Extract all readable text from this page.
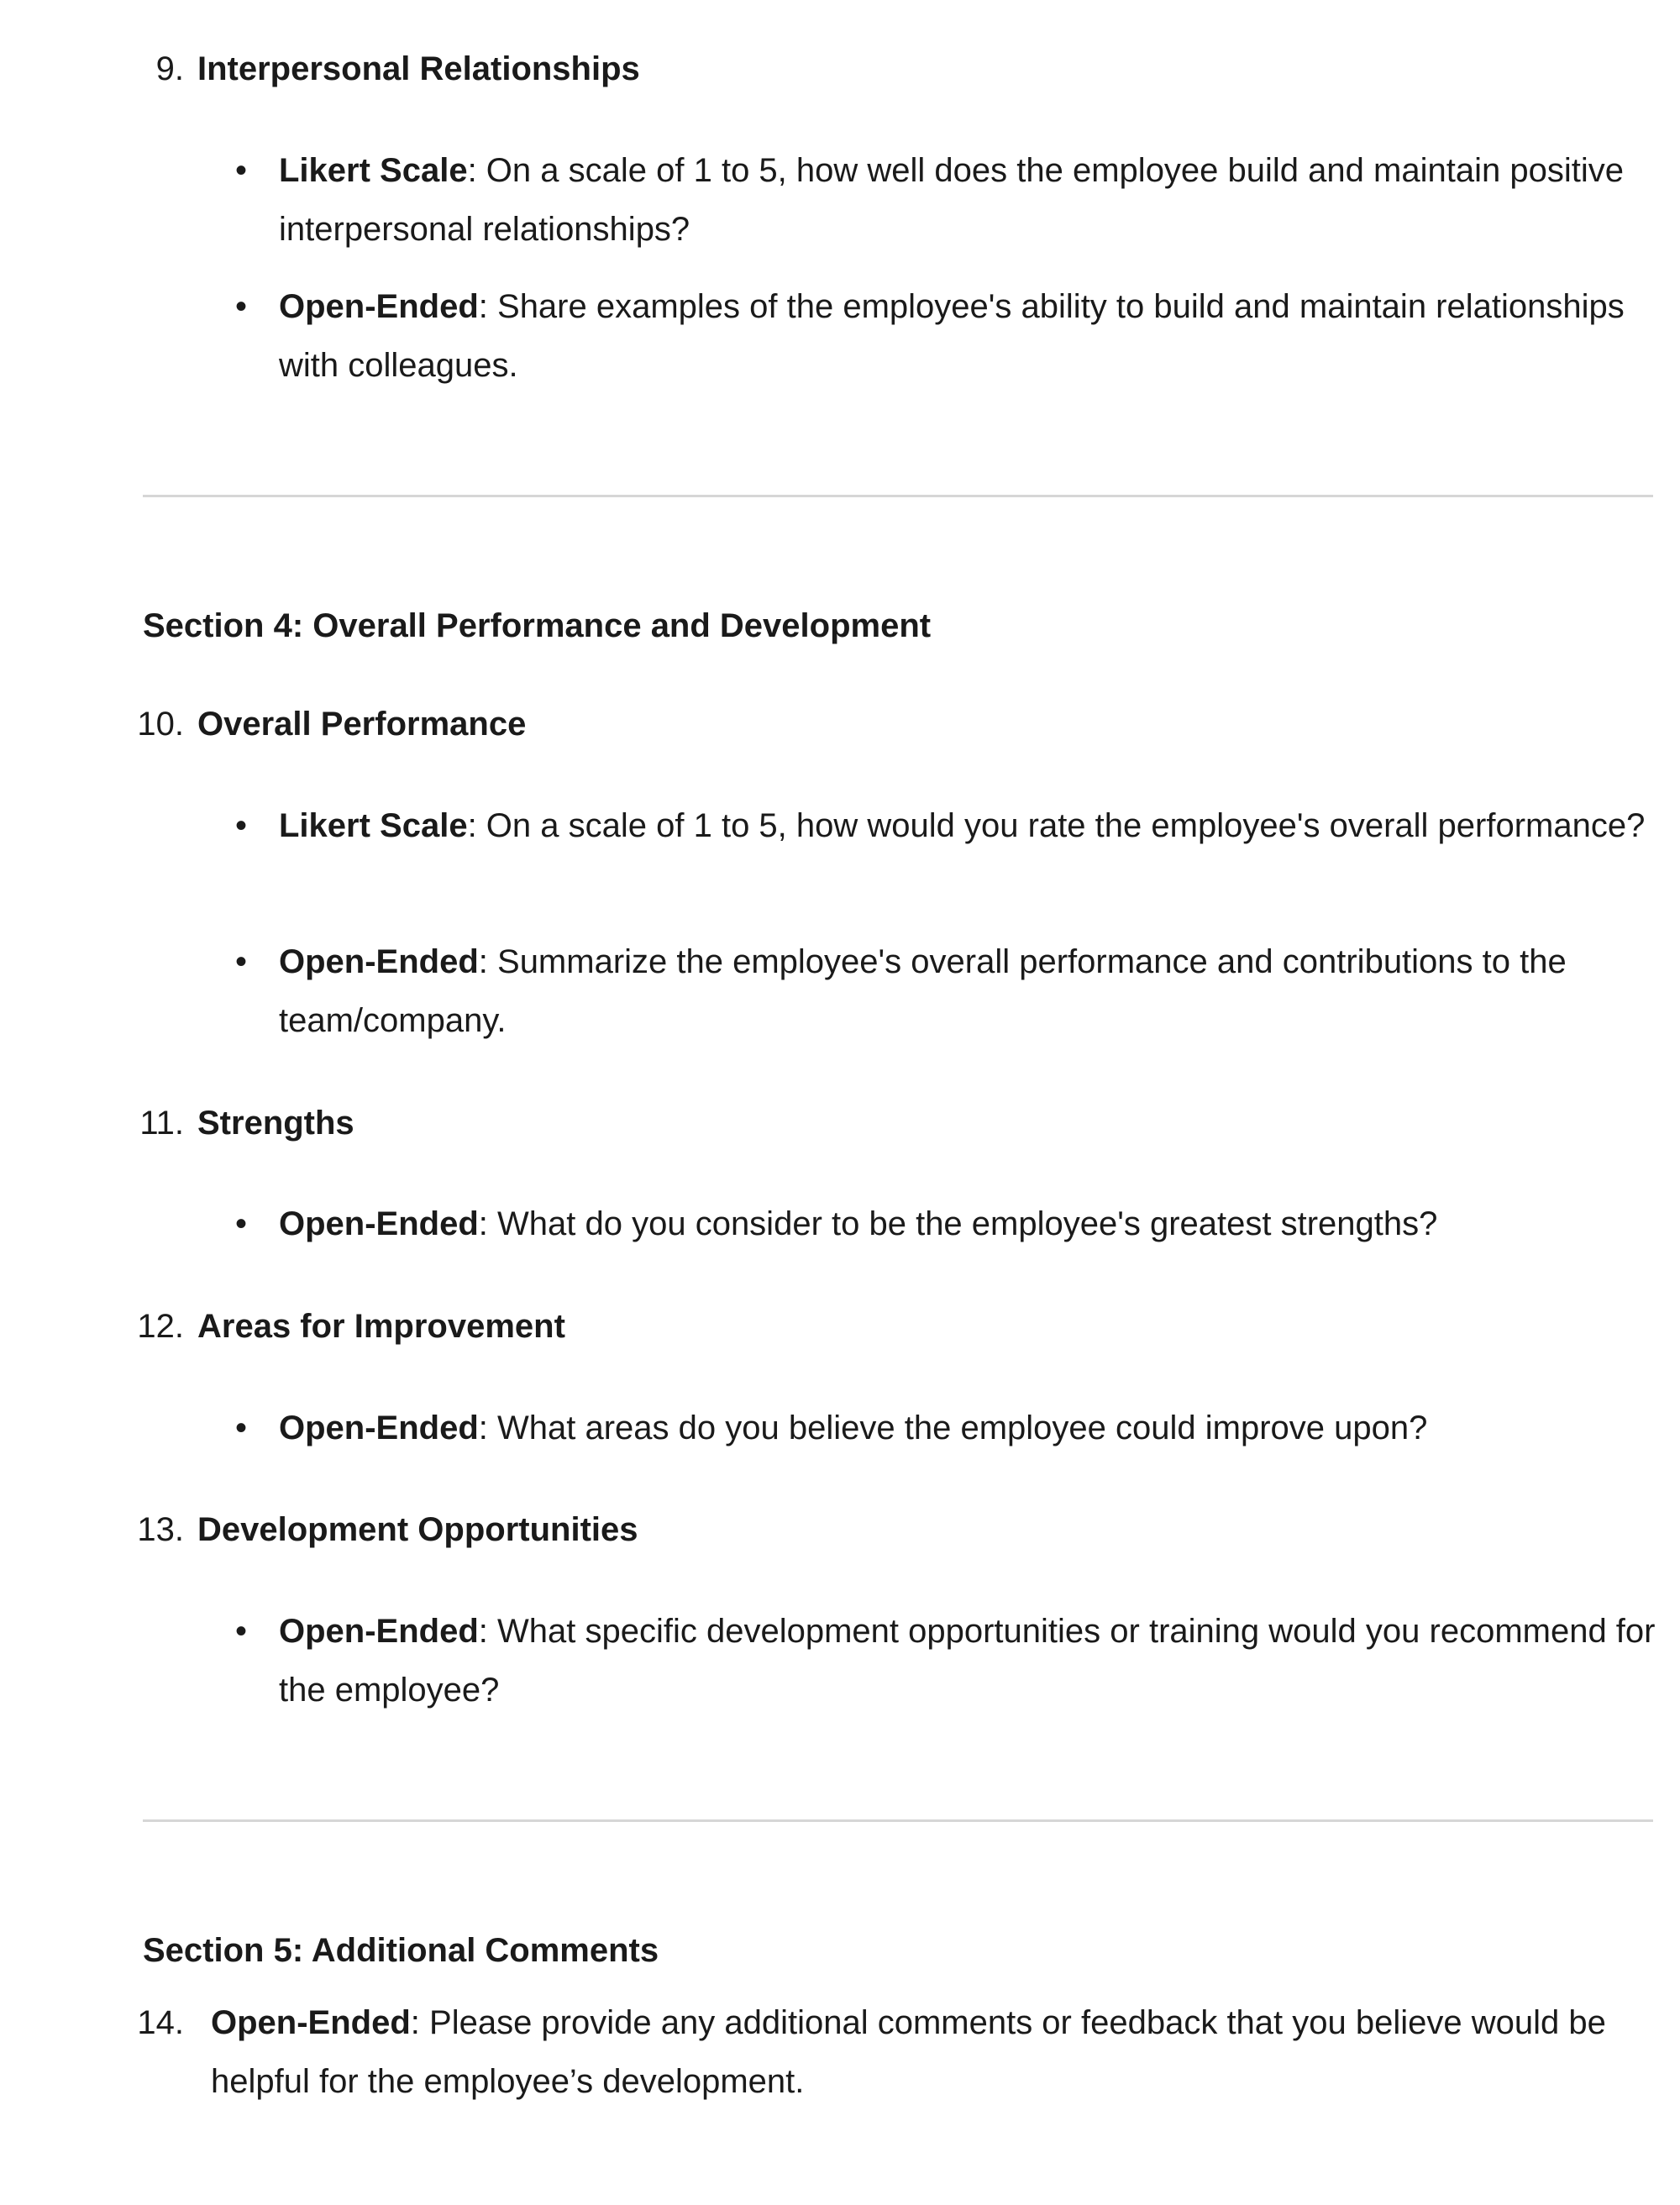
9. Interpersonal Relationships
• Likert Scale: On a scale of 1 to 5, how well does the employee build and maintain positive interpersonal relationships?
• Open-Ended: Share examples of the employee's ability to build and maintain relationships with colleagues.
Section 4: Overall Performance and Development
10. Overall Performance
• Likert Scale: On a scale of 1 to 5, how would you rate the employee's overall performance?
• Open-Ended: Summarize the employee's overall performance and contributions to the team/company.
11. Strengths
• Open-Ended: What do you consider to be the employee's greatest strengths?
12. Areas for Improvement
• Open-Ended: What areas do you believe the employee could improve upon?
13. Development Opportunities
• Open-Ended: What specific development opportunities or training would you recommend for the employee?
Section 5: Additional Comments
14. Open-Ended: Please provide any additional comments or feedback that you believe would be helpful for the employee’s development.
